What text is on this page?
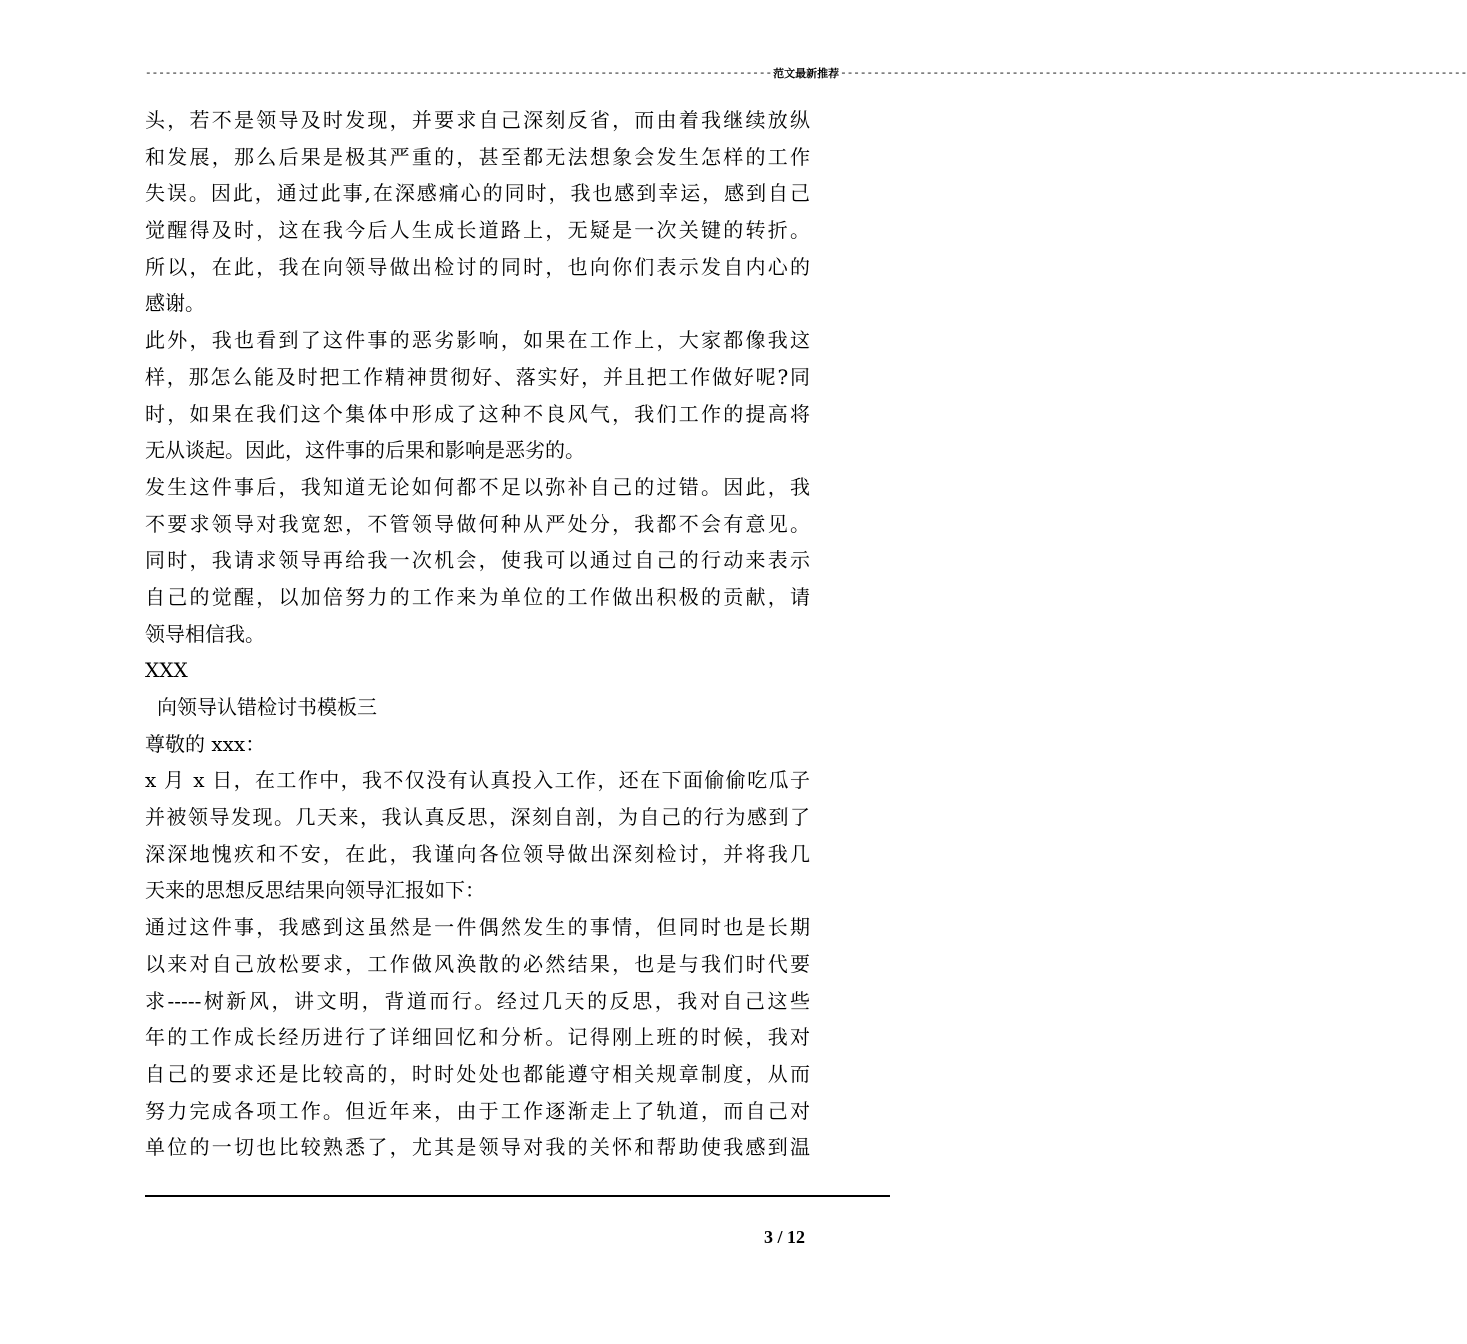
----------------------------------------------------------------------------------------------- 范文最新推荐 -----------------------------------------------------------------------------------------------
头，若不是领导及时发现，并要求自己深刻反省，而由着我继续放纵
和发展，那么后果是极其严重的，甚至都无法想象会发生怎样的工作
失误。因此，通过此事,在深感痛心的同时，我也感到幸运，感到自己
觉醒得及时，这在我今后人生成长道路上，无疑是一次关键的转折。
所以，在此，我在向领导做出检讨的同时，也向你们表示发自内心的
感谢。
此外，我也看到了这件事的恶劣影响，如果在工作上，大家都像我这
样，那怎么能及时把工作精神贯彻好、落实好，并且把工作做好呢?同
时，如果在我们这个集体中形成了这种不良风气，我们工作的提高将
无从谈起。因此，这件事的后果和影响是恶劣的。
发生这件事后，我知道无论如何都不足以弥补自己的过错。因此，我
不要求领导对我宽恕，不管领导做何种从严处分，我都不会有意见。
同时，我请求领导再给我一次机会，使我可以通过自己的行动来表示
自己的觉醒，以加倍努力的工作来为单位的工作做出积极的贡献，请
领导相信我。
XXX
向领导认错检讨书模板三
尊敬的 xxx：
x 月 x 日，在工作中，我不仅没有认真投入工作，还在下面偷偷吃瓜子
并被领导发现。几天来，我认真反思，深刻自剖，为自己的行为感到了
深深地愧疚和不安，在此，我谨向各位领导做出深刻检讨，并将我几
天来的思想反思结果向领导汇报如下：
通过这件事，我感到这虽然是一件偶然发生的事情，但同时也是长期
以来对自己放松要求，工作做风涣散的必然结果，也是与我们时代要
求-----树新风，讲文明，背道而行。经过几天的反思，我对自己这些
年的工作成长经历进行了详细回忆和分析。记得刚上班的时候，我对
自己的要求还是比较高的，时时处处也都能遵守相关规章制度，从而
努力完成各项工作。但近年来，由于工作逐渐走上了轨道，而自己对
单位的一切也比较熟悉了，尤其是领导对我的关怀和帮助使我感到温
3 / 12
